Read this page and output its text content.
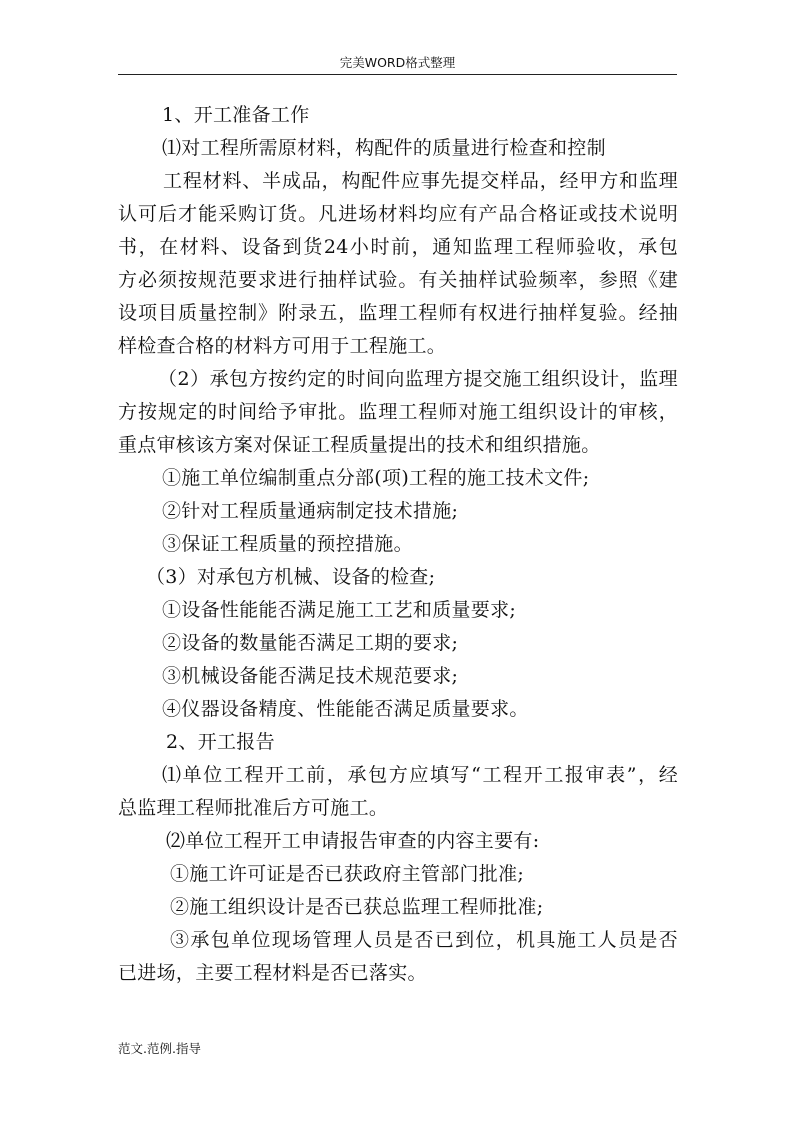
完美WORD格式整理
1、开工准备工作
⑴对工程所需原材料，构配件的质量进行检查和控制
工程材料、半成品，构配件应事先提交样品，经甲方和监理
认可后才能采购订货。凡进场材料均应有产品合格证或技术说明
书，在材料、设备到货24小时前，通知监理工程师验收，承包
方必须按规范要求进行抽样试验。有关抽样试验频率，参照《建
设项目质量控制》附录五，监理工程师有权进行抽样复验。经抽
样检查合格的材料方可用于工程施工。
（2）承包方按约定的时间向监理方提交施工组织设计，监理
方按规定的时间给予审批。监理工程师对施工组织设计的审核，
重点审核该方案对保证工程质量提出的技术和组织措施。
①施工单位编制重点分部(项)工程的施工技术文件;
②针对工程质量通病制定技术措施;
③保证工程质量的预控措施。
（3）对承包方机械、设备的检查;
①设备性能能否满足施工工艺和质量要求;
②设备的数量能否满足工期的要求;
③机械设备能否满足技术规范要求;
④仪器设备精度、性能能否满足质量要求。
2、开工报告
⑴单位工程开工前，承包方应填写“工程开工报审表”，经
总监理工程师批准后方可施工。
⑵单位工程开工申请报告审查的内容主要有:
①施工许可证是否已获政府主管部门批准;
②施工组织设计是否已获总监理工程师批准;
③承包单位现场管理人员是否已到位，机具施工人员是否
已进场，主要工程材料是否已落实。
范文.范例.指导
